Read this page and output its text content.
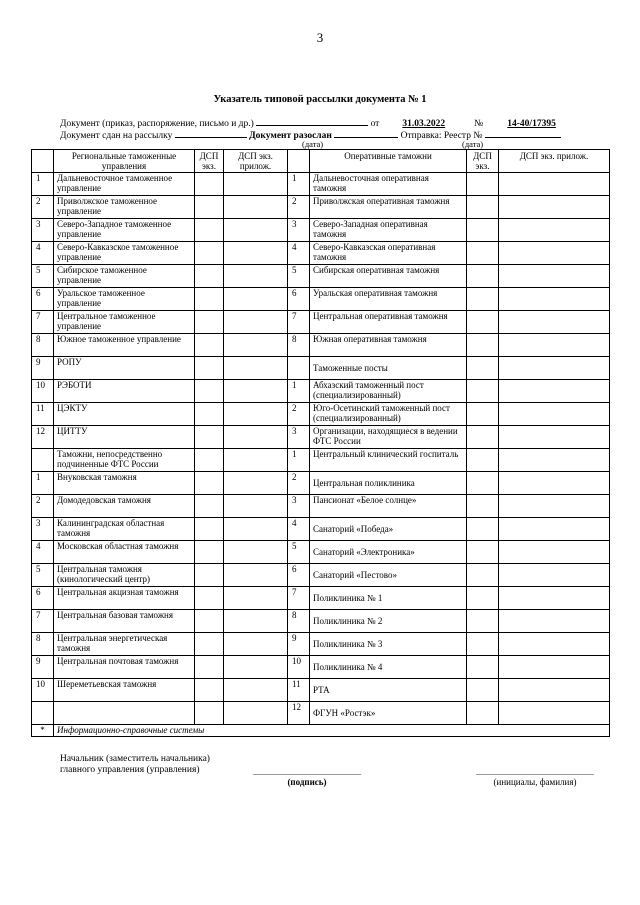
3
Указатель типовой рассылки документа № 1
Документ (приказ, распоряжение, письмо и др.)	от 31.03.2022	№	14-40/17395
Документ сдан на рассылку	Документ разослан	Отправка: Реестр №
(дата)	(дата)
	Региональные таможенные управления	ДСП экз.	ДСП экз. прилож.		Оперативные таможни	ДСП экз.	ДСП экз. прилож.
1	Дальневосточное таможенное управление			1	Дальневосточная оперативная таможня		
2	Приволжское таможенное управление			2	Приволжская оперативная таможня		
3	Северо-Западное таможенное управление			3	Северо-Западная оперативная таможня		
4	Северо-Кавказское таможенное управление			4	Северо-Кавказская оперативная таможня		
5	Сибирское таможенное управление			5	Сибирская оперативная таможня		
6	Уральское таможенное управление			6	Уральская оперативная таможня		
7	Центральное таможенное управление			7	Центральная оперативная таможня		
8	Южное таможенное управление			8	Южная оперативная таможня		
9	РОПУ				Таможенные посты		
10	РЭБОТИ			1	Абхазский таможенный пост (специализированный)		
11	ЦЭКТУ			2	Юго-Осетинский таможенный пост (специализированный)		
12	ЦИТТУ			3	Организации, находящиеся в ведении ФТС России		
	Таможни, непосредственно подчиненные ФТС России			1	Центральный клинический госпиталь		
1	Внуковская таможня			2	Центральная поликлиника		
2	Домодедовская таможня			3	Пансионат «Белое солнце»		
3	Калининградская областная таможня			4	Санаторий «Победа»		
4	Московская областная таможня			5	Санаторий «Электроника»		
5	Центральная таможня (кинологический центр)			6	Санаторий «Пестово»		
6	Центральная акцизная таможня			7	Поликлиника № 1		
7	Центральная базовая таможня			8	Поликлиника № 2		
8	Центральная энергетическая таможня			9	Поликлиника № 3		
9	Центральная почтовая таможня			10	Поликлиника № 4		
10	Шереметьевская таможня			11	РТА		
				12	ФГУН «Ростэк»		
*	Информационно-справочные системы						
Начальник (заместитель начальника)
главного управления (управления)
(подпись)	(инициалы, фамилия)
